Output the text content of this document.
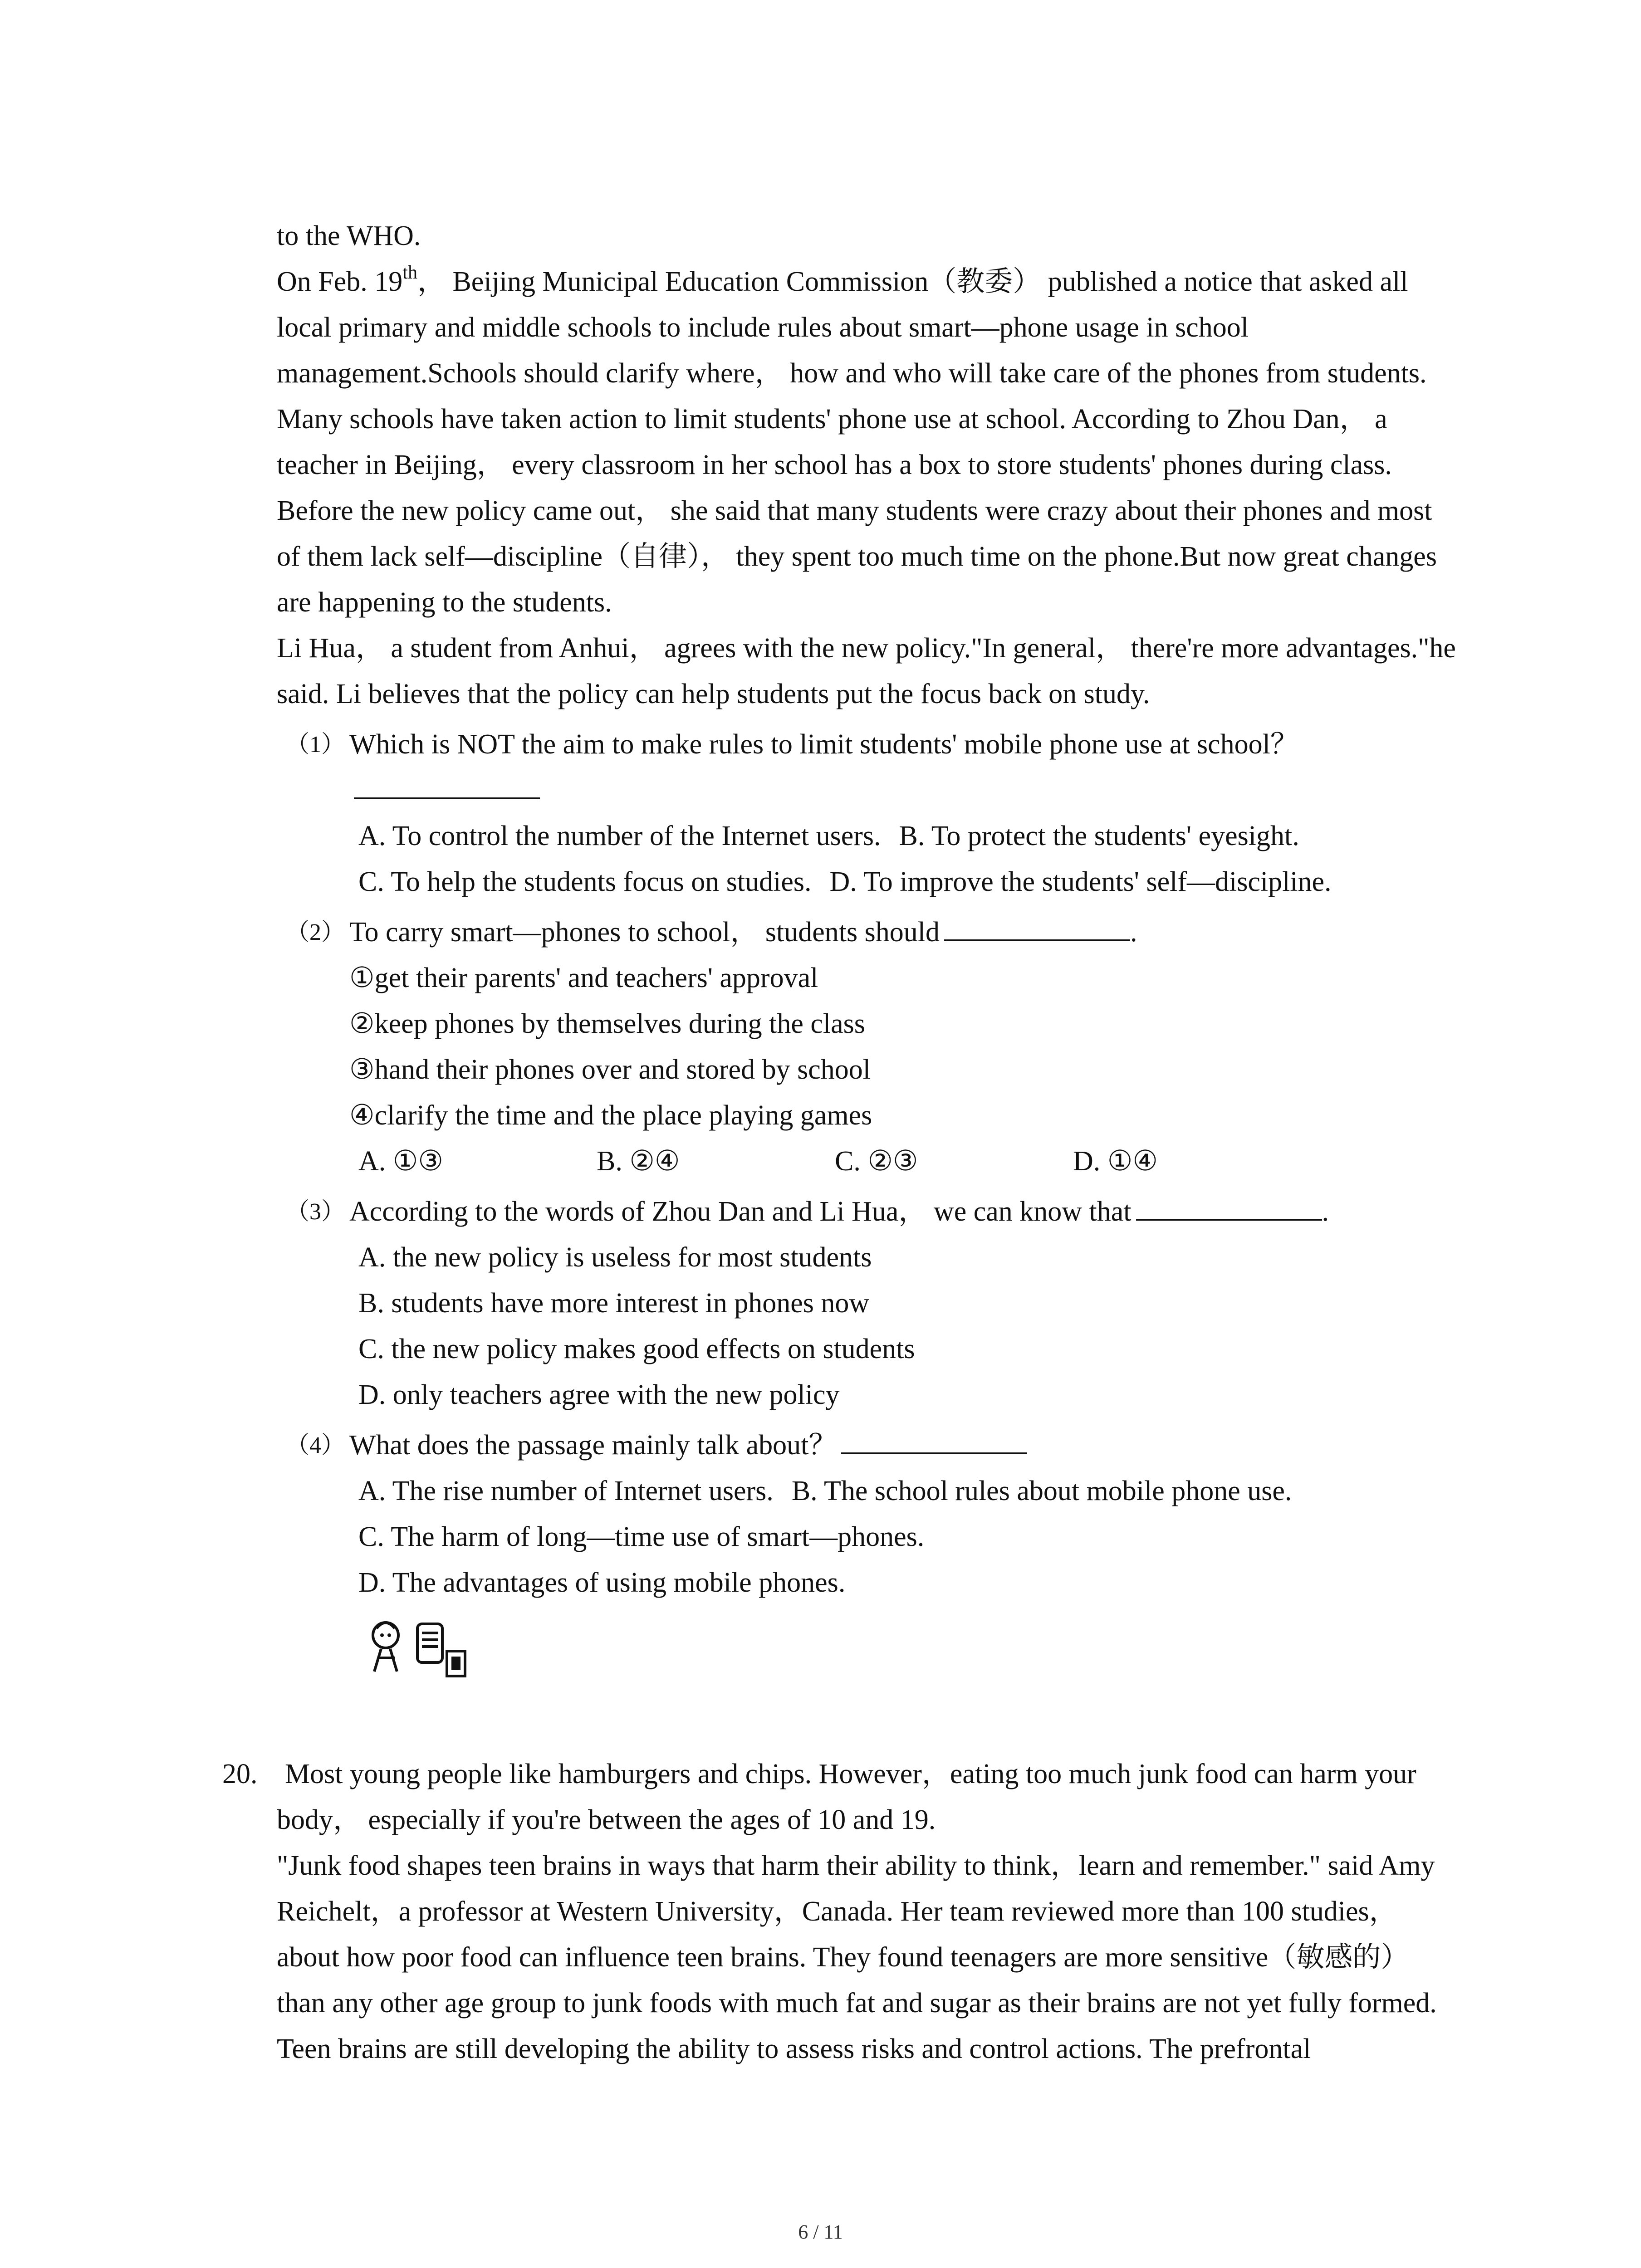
to the WHO.

On Feb. 19th， Beijing Municipal Education Commission（教委） published a notice that asked all local primary and middle schools to include rules about smart—phone usage in school management.Schools should clarify where， how and who will take care of the phones from students.

Many schools have taken action to limit students' phone use at school. According to Zhou Dan， a teacher in Beijing， every classroom in her school has a box to store students' phones during class.

Before the new policy came out， she said that many students were crazy about their phones and most of them lack self—discipline（自律）， they spent too much time on the phone.But now great changes are happening to the students.

Li Hua， a student from Anhui， agrees with the new policy."In general， there're more advantages."he said. Li believes that the policy can help students put the focus back on study.

（1） Which is NOT the aim to make rules to limit students' mobile phone use at school？
A. To control the number of the Internet users. B. To protect the students' eyesight.
C. To help the students focus on studies. D. To improve the students' self—discipline.
（2） To carry smart—phones to school， students should	.
①get their parents' and teachers' approval
②keep phones by themselves during the class
③hand their phones over and stored by school
④clarify the time and the place playing games
A. ①③	B. ②④	C. ②③	D. ①④
（3） According to the words of Zhou Dan and Li Hua， we can know that	.
A. the new policy is useless for most students
B. students have more interest in phones now
C. the new policy makes good effects on students
D. only teachers agree with the new policy
（4） What does the passage mainly talk about？
A. The rise number of Internet users. B. The school rules about mobile phone use.
C. The harm of long—time use of smart—phones.
D. The advantages of using mobile phones.
20. Most young people like hamburgers and chips. However，eating too much junk food can harm your body， especially if you're between the ages of 10 and 19.

"Junk food shapes teen brains in ways that harm their ability to think，learn and remember." said Amy Reichelt，a professor at Western University，Canada. Her team reviewed more than 100 studies， about how poor food can influence teen brains. They found teenagers are more sensitive（敏感的） than any other age group to junk foods with much fat and sugar as their brains are not yet fully formed.

Teen brains are still developing the ability to assess risks and control actions. The prefrontal

6 / 11
